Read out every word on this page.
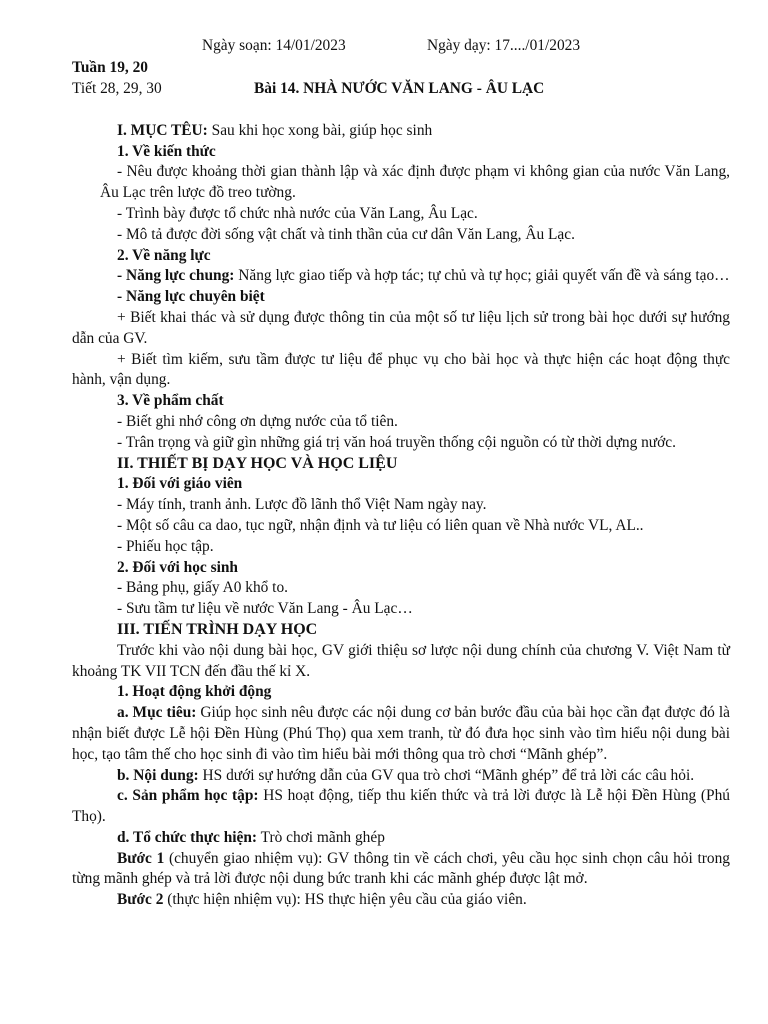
Ngày soạn: 14/01/2023	Ngày dạy: 17..../01/2023
Tuần 19, 20
Tiết 28, 29, 30	Bài 14. NHÀ NƯỚC VĂN LANG - ÂU LẠC

I. MỤC TÊU: Sau khi học xong bài, giúp học sinh

1. Về kiến thức

- Nêu được khoảng thời gian thành lập và xác định được phạm vi không gian của nước Văn Lang, Âu Lạc trên lược đồ treo tường.

- Trình bày được tổ chức nhà nước của Văn Lang, Âu Lạc.

- Mô tả được đời sống vật chất và tinh thần của cư dân Văn Lang, Âu Lạc.

2. Về năng lực

- Năng lực chung: Năng lực giao tiếp và hợp tác; tự chủ và tự học; giải quyết vấn đề và sáng tạo…

- Năng lực chuyên biệt

+ Biết khai thác và sử dụng được thông tin của một số tư liệu lịch sử trong bài học dưới sự hướng dẫn của GV.

+ Biết tìm kiếm, sưu tầm được tư liệu để phục vụ cho bài học và thực hiện các hoạt động thực hành, vận dụng.

3. Về phẩm chất

- Biết ghi nhớ công ơn dựng nước của tổ tiên.

- Trân trọng và giữ gìn những giá trị văn hoá truyền thống cội nguồn có từ thời dựng nước.

II. THIẾT BỊ DẠY HỌC VÀ HỌC LIỆU

1. Đối với giáo viên

- Máy tính, tranh ảnh. Lược đồ lãnh thổ Việt Nam ngày nay.

- Một số câu ca dao, tục ngữ, nhận định và tư liệu có liên quan về Nhà nước VL, AL..

- Phiếu học tập.

2. Đối với học sinh

- Bảng phụ, giấy A0 khổ to.

- Sưu tầm tư liệu về nước Văn Lang - Âu Lạc…

III. TIẾN TRÌNH DẠY HỌC

Trước khi vào nội dung bài học, GV giới thiệu sơ lược nội dung chính của chương V. Việt Nam từ khoảng TK VII TCN đến đầu thế kỉ X.

1. Hoạt động khởi động

a. Mục tiêu: Giúp học sinh nêu được các nội dung cơ bản bước đầu của bài học cần đạt được đó là nhận biết được Lễ hội Đền Hùng (Phú Thọ) qua xem tranh, từ đó đưa học sinh vào tìm hiểu nội dung bài học, tạo tâm thế cho học sinh đi vào tìm hiểu bài mới thông qua trò chơi “Mãnh ghép”.

b. Nội dung: HS dưới sự hướng dẫn của GV qua trò chơi “Mãnh ghép” để trả lời các câu hỏi.

c. Sản phẩm học tập: HS hoạt động, tiếp thu kiến thức và trả lời được là Lễ hội Đền Hùng (Phú Thọ).

d. Tổ chức thực hiện: Trò chơi mãnh ghép

Bước 1 (chuyển giao nhiệm vụ): GV thông tin về cách chơi, yêu cầu học sinh chọn câu hỏi trong từng mãnh ghép và trả lời được nội dung bức tranh khi các mãnh ghép được lật mở.

Bước 2 (thực hiện nhiệm vụ): HS thực hiện yêu cầu của giáo viên.
